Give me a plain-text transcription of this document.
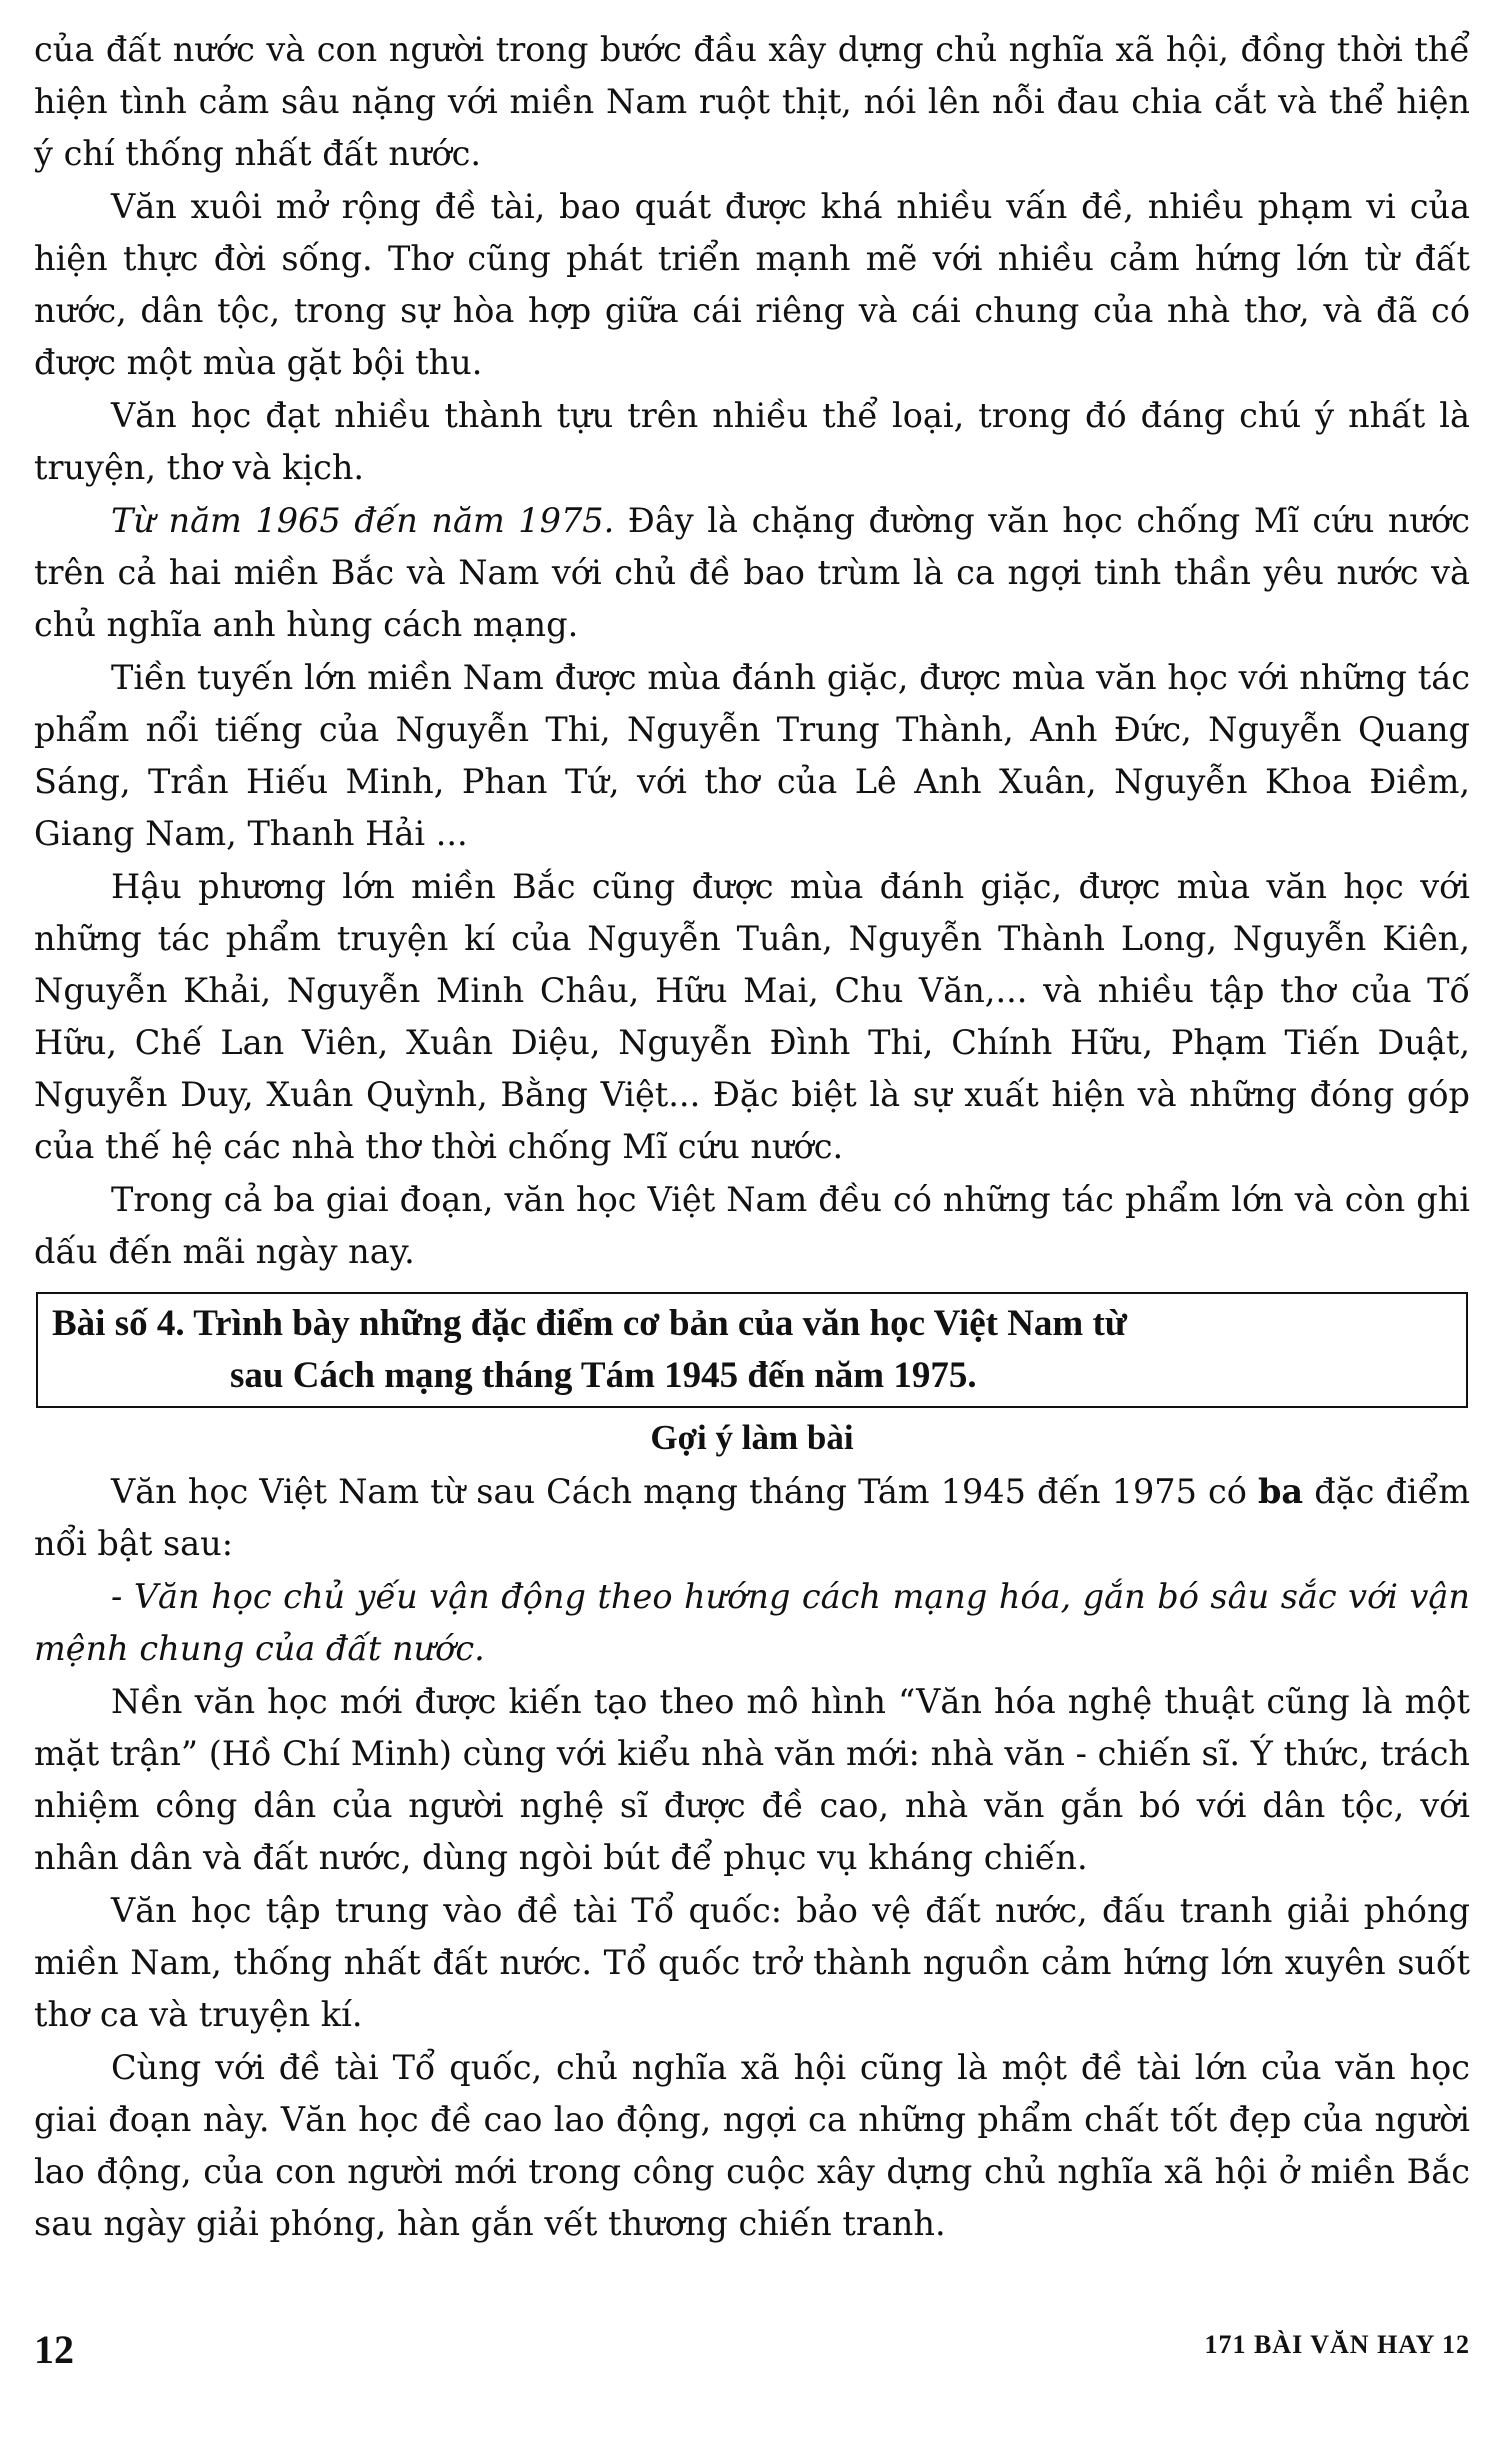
của đất nước và con người trong bước đầu xây dựng chủ nghĩa xã hội, đồng thời thể hiện tình cảm sâu nặng với miền Nam ruột thịt, nói lên nỗi đau chia cắt và thể hiện ý chí thống nhất đất nước.

Văn xuôi mở rộng đề tài, bao quát được khá nhiều vấn đề, nhiều phạm vi của hiện thực đời sống. Thơ cũng phát triển mạnh mẽ với nhiều cảm hứng lớn từ đất nước, dân tộc, trong sự hòa hợp giữa cái riêng và cái chung của nhà thơ, và đã có được một mùa gặt bội thu.

Văn học đạt nhiều thành tựu trên nhiều thể loại, trong đó đáng chú ý nhất là truyện, thơ và kịch.

Từ năm 1965 đến năm 1975. Đây là chặng đường văn học chống Mĩ cứu nước trên cả hai miền Bắc và Nam với chủ đề bao trùm là ca ngợi tinh thần yêu nước và chủ nghĩa anh hùng cách mạng.

Tiền tuyến lớn miền Nam được mùa đánh giặc, được mùa văn học với những tác phẩm nổi tiếng của Nguyễn Thi, Nguyễn Trung Thành, Anh Đức, Nguyễn Quang Sáng, Trần Hiếu Minh, Phan Tứ, với thơ của Lê Anh Xuân, Nguyễn Khoa Điềm, Giang Nam, Thanh Hải ...

Hậu phương lớn miền Bắc cũng được mùa đánh giặc, được mùa văn học với những tác phẩm truyện kí của Nguyễn Tuân, Nguyễn Thành Long, Nguyễn Kiên, Nguyễn Khải, Nguyễn Minh Châu, Hữu Mai, Chu Văn,... và nhiều tập thơ của Tố Hữu, Chế Lan Viên, Xuân Diệu, Nguyễn Đình Thi, Chính Hữu, Phạm Tiến Duật, Nguyễn Duy, Xuân Quỳnh, Bằng Việt... Đặc biệt là sự xuất hiện và những đóng góp của thế hệ các nhà thơ thời chống Mĩ cứu nước.

Trong cả ba giai đoạn, văn học Việt Nam đều có những tác phẩm lớn và còn ghi dấu đến mãi ngày nay.

Bài số 4. Trình bày những đặc điểm cơ bản của văn học Việt Nam từ
sau Cách mạng tháng Tám 1945 đến năm 1975.

Gợi ý làm bài

Văn học Việt Nam từ sau Cách mạng tháng Tám 1945 đến 1975 có ba đặc điểm nổi bật sau:

- Văn học chủ yếu vận động theo hướng cách mạng hóa, gắn bó sâu sắc với vận mệnh chung của đất nước.

Nền văn học mới được kiến tạo theo mô hình “Văn hóa nghệ thuật cũng là một mặt trận” (Hồ Chí Minh) cùng với kiểu nhà văn mới: nhà văn - chiến sĩ. Ý thức, trách nhiệm công dân của người nghệ sĩ được đề cao, nhà văn gắn bó với dân tộc, với nhân dân và đất nước, dùng ngòi bút để phục vụ kháng chiến.

Văn học tập trung vào đề tài Tổ quốc: bảo vệ đất nước, đấu tranh giải phóng miền Nam, thống nhất đất nước. Tổ quốc trở thành nguồn cảm hứng lớn xuyên suốt thơ ca và truyện kí.

Cùng với đề tài Tổ quốc, chủ nghĩa xã hội cũng là một đề tài lớn của văn học giai đoạn này. Văn học đề cao lao động, ngợi ca những phẩm chất tốt đẹp của người lao động, của con người mới trong công cuộc xây dựng chủ nghĩa xã hội ở miền Bắc sau ngày giải phóng, hàn gắn vết thương chiến tranh.

12	171 BÀI VĂN HAY 12
